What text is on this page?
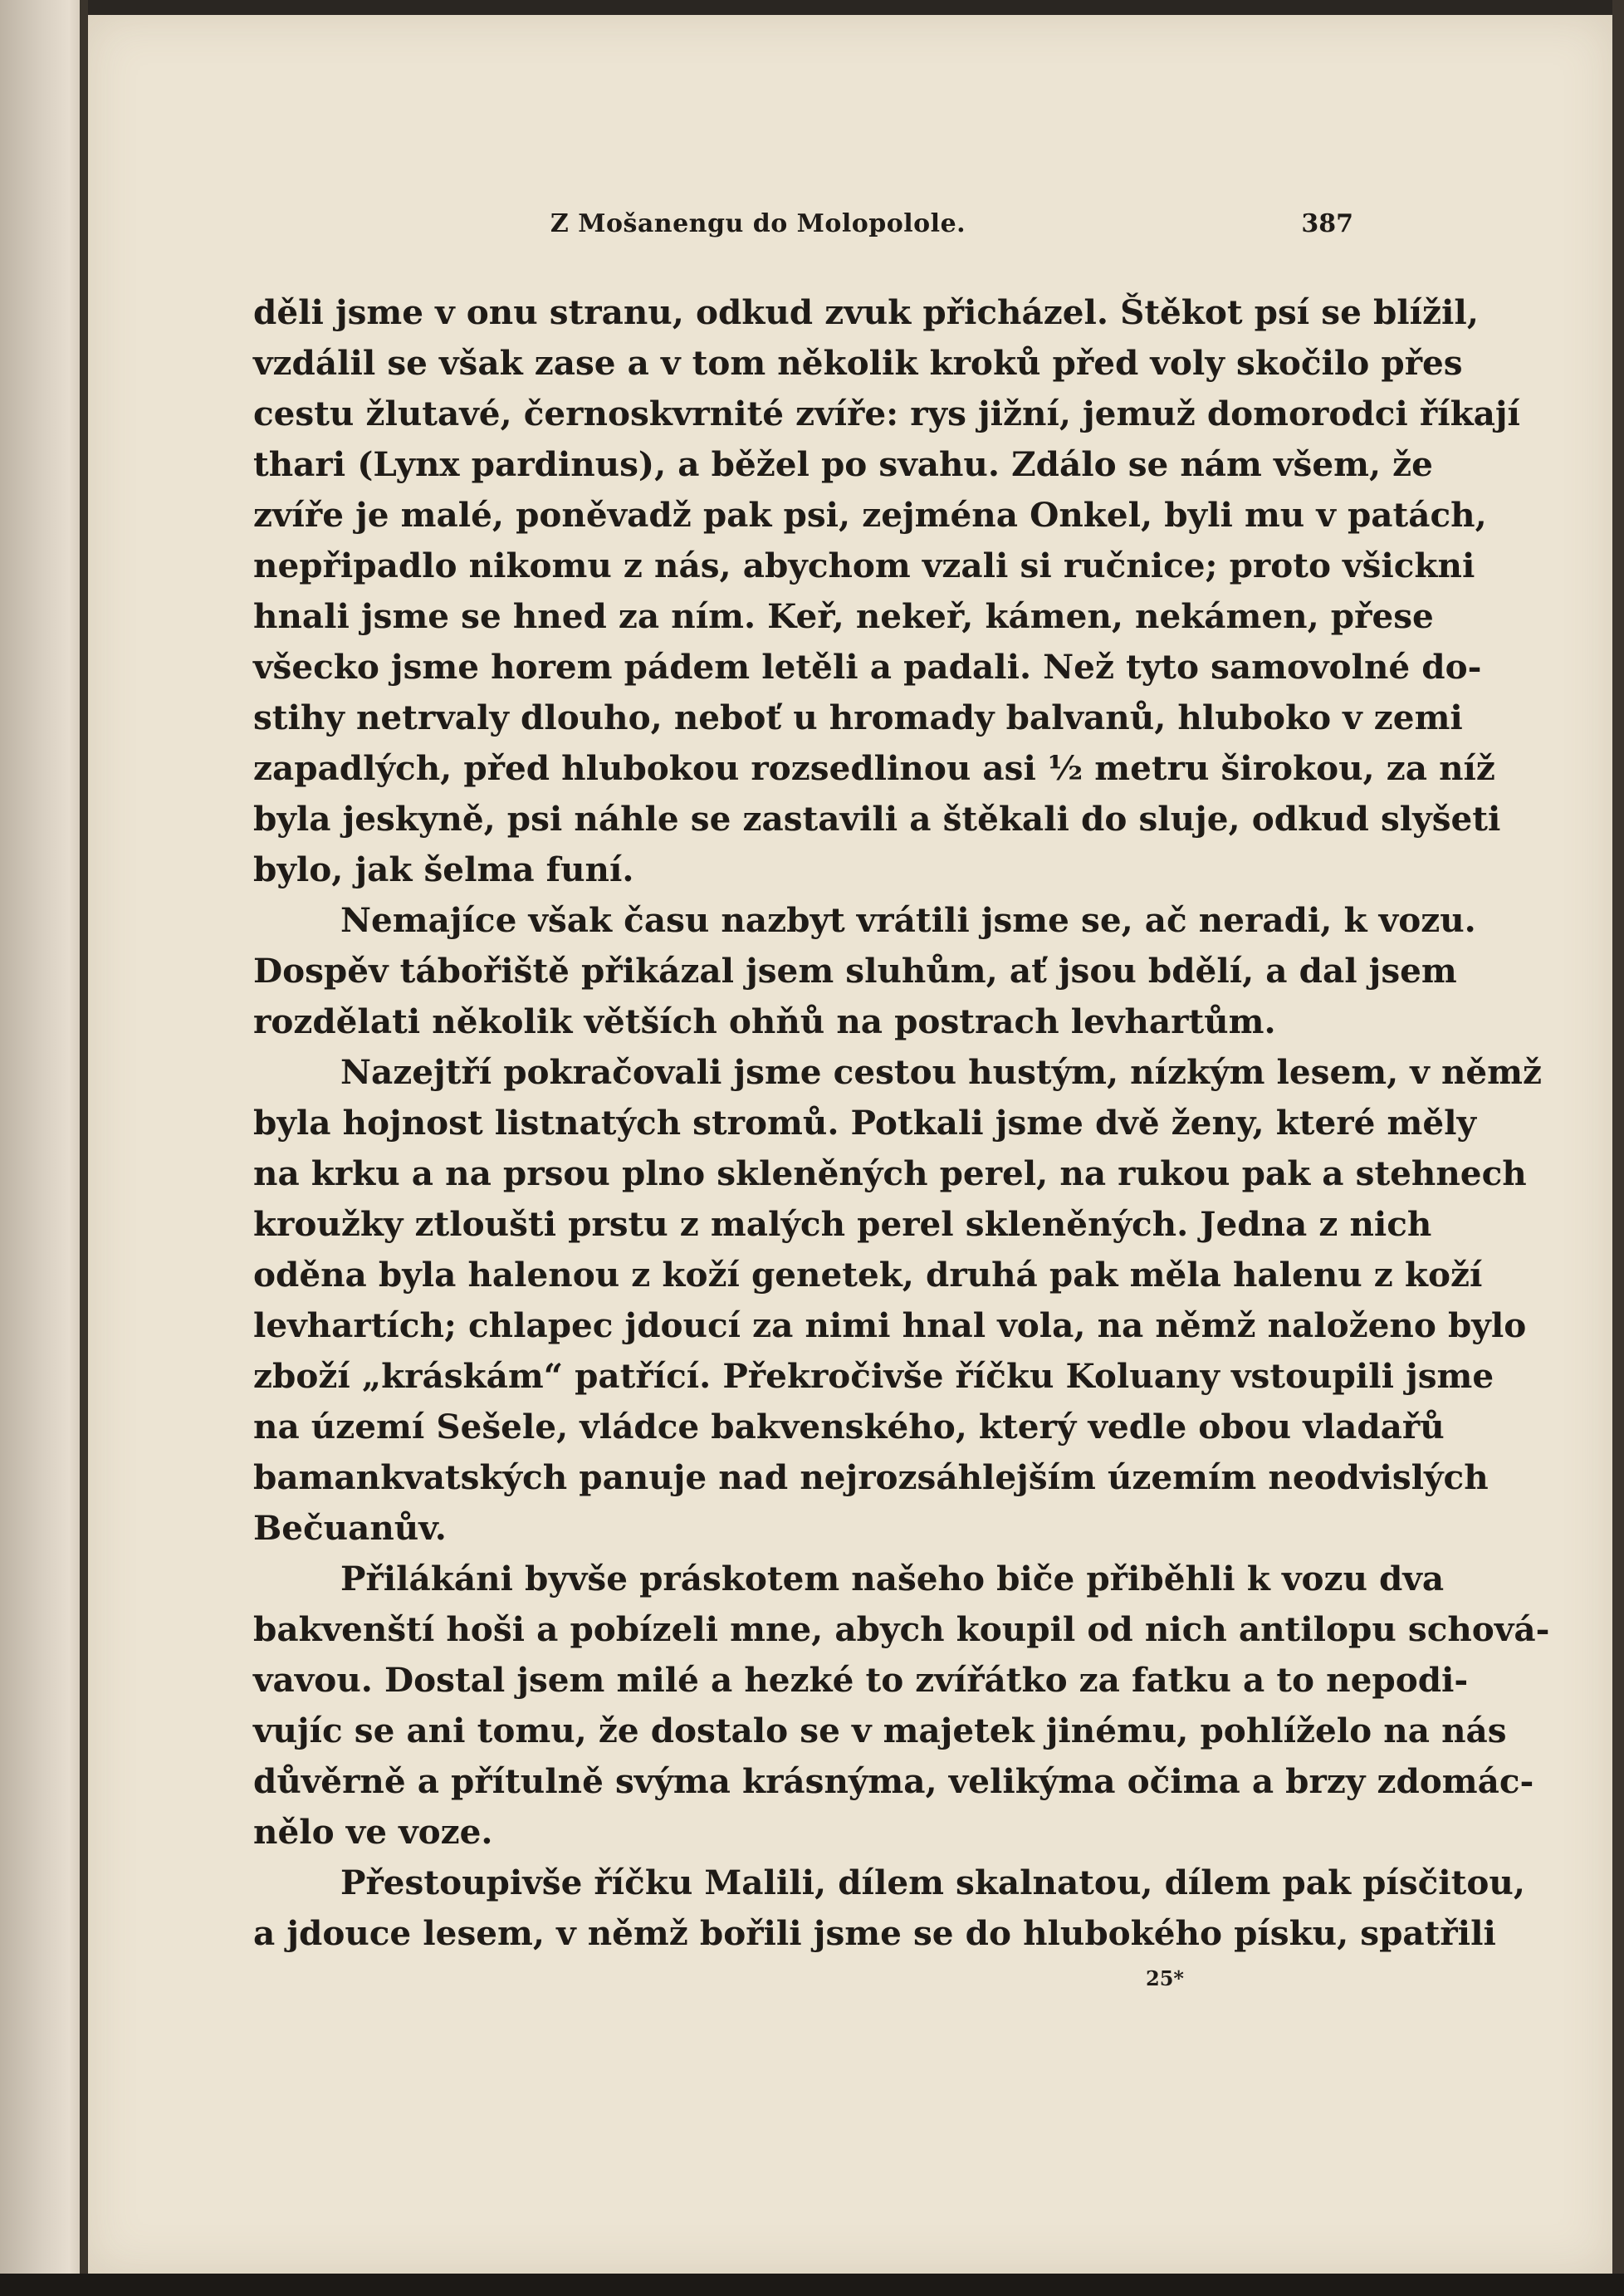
Z Mošanengu do Molopolole.	387
děli jsme v onu stranu, odkud zvuk přicházel. Štěkot psí se blížil,
vzdálil se však zase a v tom několik kroků před voly skočilo přes
cestu žlutavé, černoskvrnité zvíře: rys jižní, jemuž domorodci říkají
thari (Lynx pardinus), a běžel po svahu. Zdálo se nám všem, že
zvíře je malé, poněvadž pak psi, zejména Onkel, byli mu v patách,
nepřipadlo nikomu z nás, abychom vzali si ručnice; proto všickni
hnali jsme se hned za ním. Keř, nekeř, kámen, nekámen, přese
všecko jsme horem pádem letěli a padali. Než tyto samovolné do-
stihy netrvaly dlouho, neboť u hromady balvanů, hluboko v zemi
zapadlých, před hlubokou rozsedlinou asi ½ metru širokou, za níž
byla jeskyně, psi náhle se zastavili a štěkali do sluje, odkud slyšeti
bylo, jak šelma funí.
Nemajíce však času nazbyt vrátili jsme se, ač neradi, k vozu.
Dospěv tábořiště přikázal jsem sluhům, ať jsou bdělí, a dal jsem
rozdělati několik větších ohňů na postrach levhartům.
Nazejtří pokračovali jsme cestou hustým, nízkým lesem, v němž
byla hojnost listnatých stromů. Potkali jsme dvě ženy, které měly
na krku a na prsou plno skleněných perel, na rukou pak a stehnech
kroužky ztloušti prstu z malých perel skleněných. Jedna z nich
oděna byla halenou z koží genetek, druhá pak měla halenu z koží
levhartích; chlapec jdoucí za nimi hnal vola, na němž naloženo bylo
zboží „kráskám“ patřící. Překročivše říčku Koluany vstoupili jsme
na území Sešele, vládce bakvenského, který vedle obou vladařů
bamankvatských panuje nad nejrozsáhlejším územím neodvislých
Bečuanův.
Přilákáni byvše práskotem našeho biče přiběhli k vozu dva
bakvenští hoši a pobízeli mne, abych koupil od nich antilopu schová-
vavou. Dostal jsem milé a hezké to zvířátko za fatku a to nepodi-
vujíc se ani tomu, že dostalo se v majetek jinému, pohlíželo na nás
důvěrně a přítulně svýma krásnýma, velikýma očima a brzy zdomác-
nělo ve voze.
Přestoupivše říčku Malili, dílem skalnatou, dílem pak písčitou,
a jdouce lesem, v němž bořili jsme se do hlubokého písku, spatřili
25*
